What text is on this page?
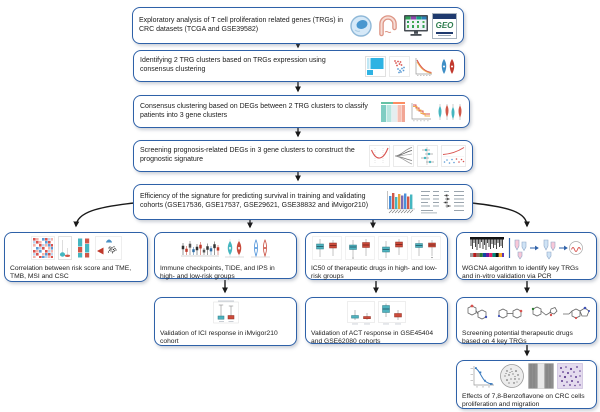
Exploratory analysis of T cell proliferation related genes (TRGs) in CRC datasets (TCGA and GSE39582)	GEO
Identifying 2 TRG clusters based on TRGs expression using consensus clustering
Consensus clustering based on DEGs between 2 TRG clusters to classify patients into 3 gene clusters
Screening prognosis-related DEGs in 3 gene clusters to construct the prognostic signature
Efficiency of the signature for predicting survival in training and validating cohorts (GSE17536, GSE17537, GSE29621, GSE38832 and iMvigor210)
Correlation between risk score and TME, TMB, MSI and CSC
Immune checkpoints, TIDE, and IPS in high- and low-risk groups
IC50 of therapeutic drugs in high- and low-risk groups
WGCNA algorithm to identify key TRGs and in-vitro validation via PCR
Validation of ICI response in iMvigor210 cohort
Validation of ACT response in GSE45404 and GSE62080 cohorts
Screening potential therapeutic drugs based on 4 key TRGs
Effects of 7,8-Benzoflavone on CRC cells proliferation and migration
